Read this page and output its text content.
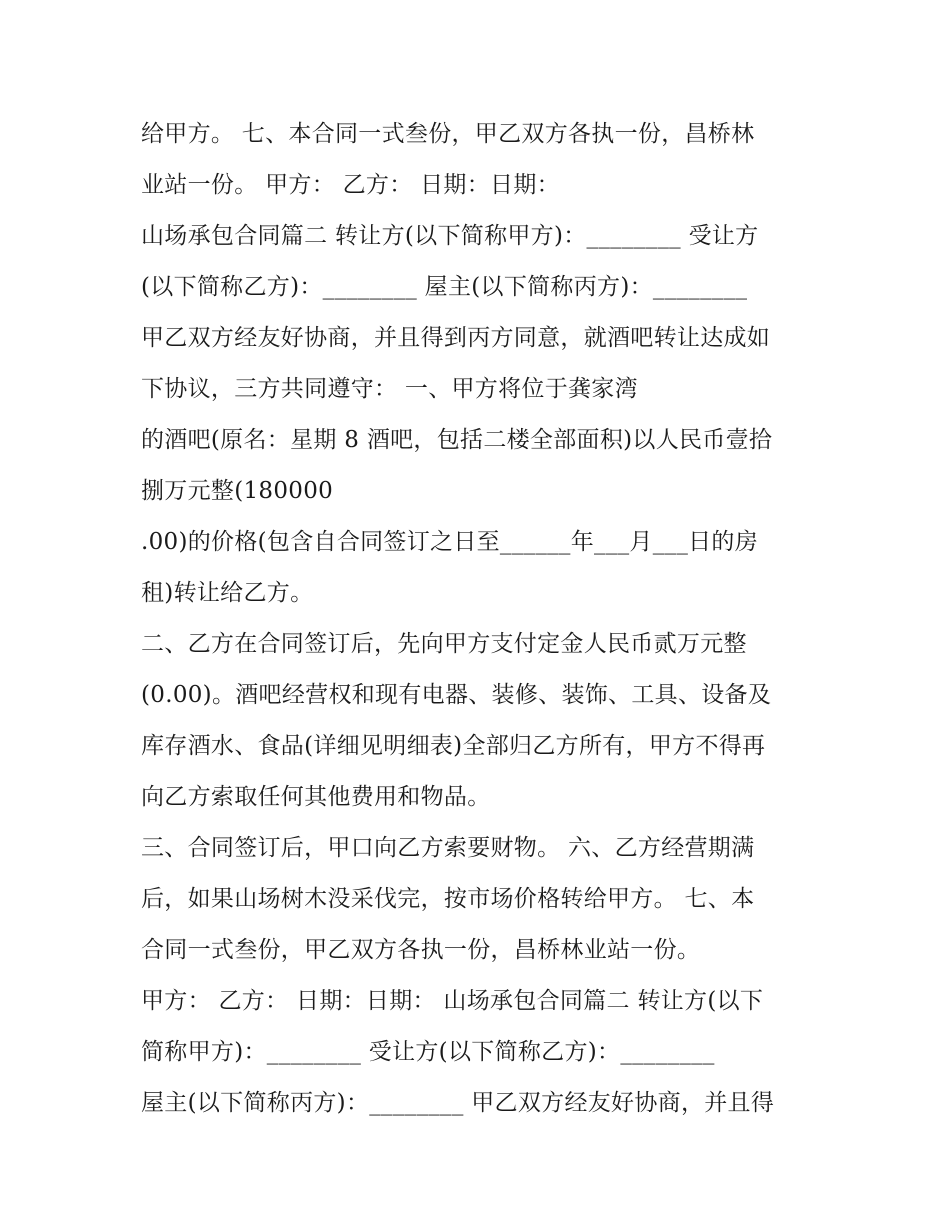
给甲方。 七、本合同一式叁份，甲乙双方各执一份，昌桥林
业站一份。 甲方： 乙方： 日期：日期：
山场承包合同篇二 转让方(以下简称甲方)：________ 受让方
(以下简称乙方)：________ 屋主(以下简称丙方)：________
甲乙双方经友好协商，并且得到丙方同意，就酒吧转让达成如
下协议，三方共同遵守： 一、甲方将位于龚家湾
的酒吧(原名：星期 8 酒吧，包括二楼全部面积)以人民币壹拾
捌万元整(180000
.00)的价格(包含自合同签订之日至______年___月___日的房
租)转让给乙方。
二、乙方在合同签订后，先向甲方支付定金人民币贰万元整
(0.00)。酒吧经营权和现有电器、装修、装饰、工具、设备及
库存酒水、食品(详细见明细表)全部归乙方所有，甲方不得再
向乙方索取任何其他费用和物品。
三、合同签订后，甲口向乙方索要财物。 六、乙方经营期满
后，如果山场树木没采伐完，按市场价格转给甲方。 七、本
合同一式叁份，甲乙双方各执一份，昌桥林业站一份。
甲方： 乙方： 日期：日期： 山场承包合同篇二 转让方(以下
简称甲方)：________ 受让方(以下简称乙方)：________
屋主(以下简称丙方)：________ 甲乙双方经友好协商，并且得
